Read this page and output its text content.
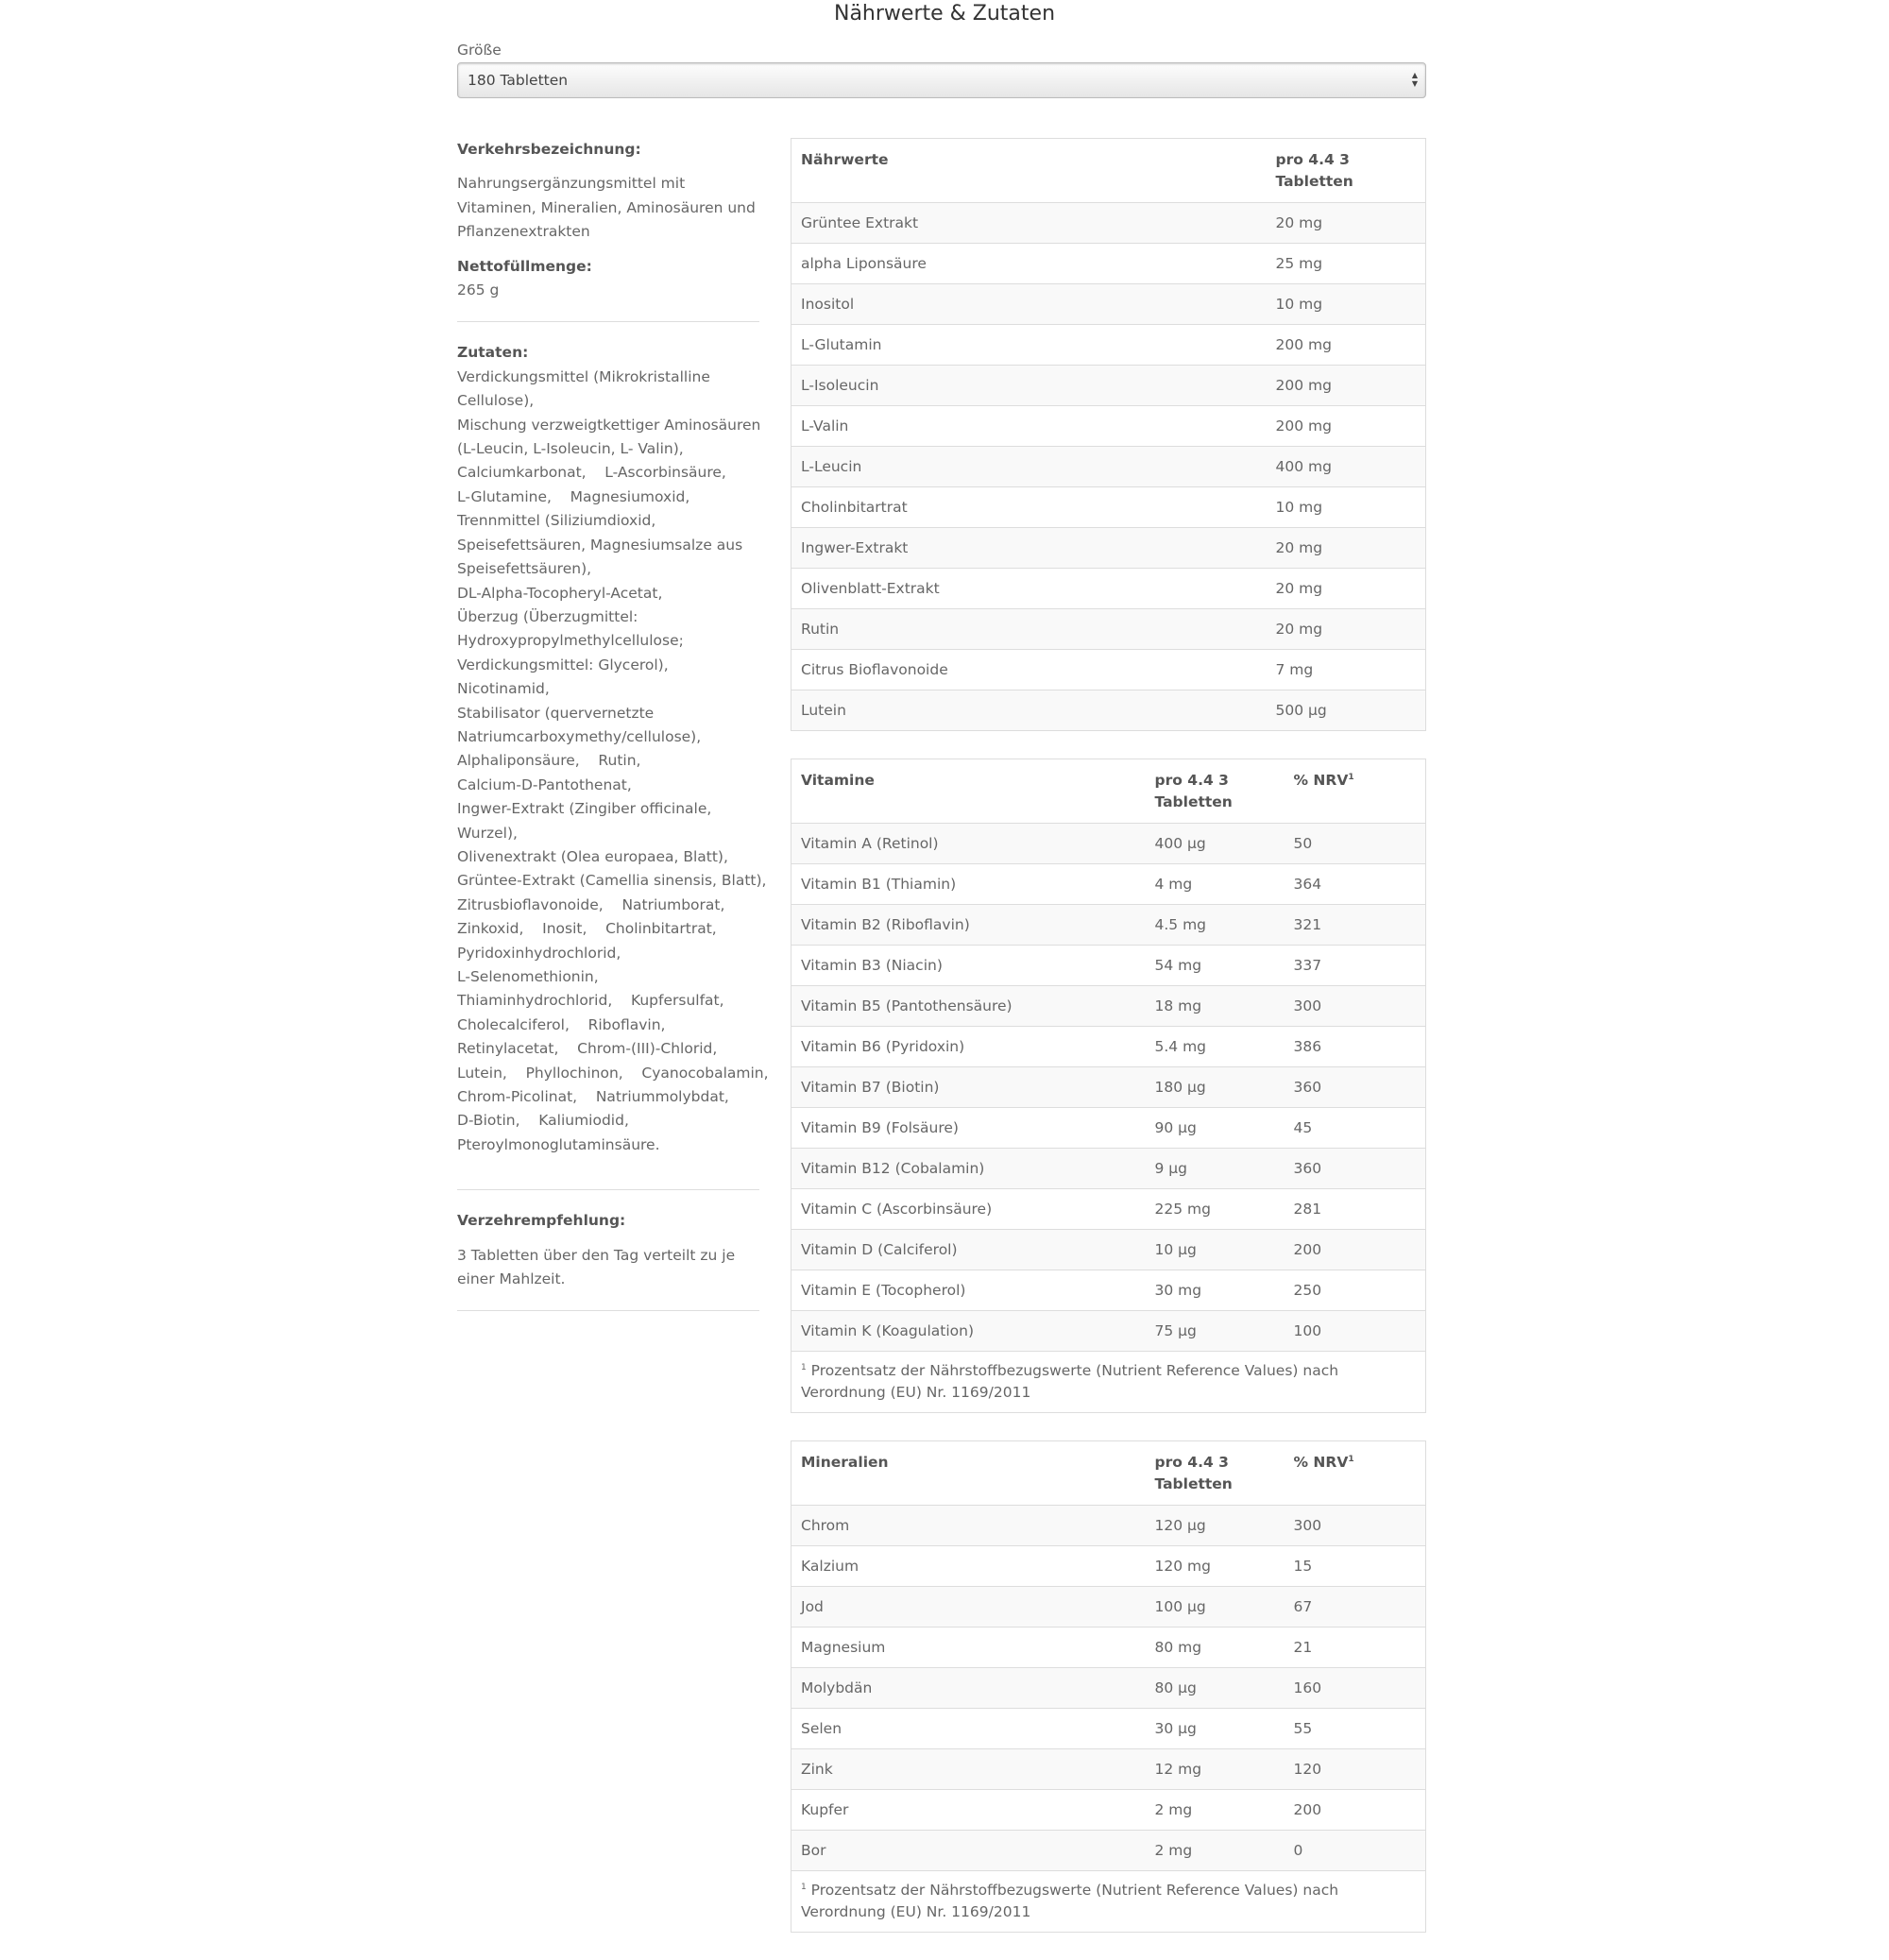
Nährwerte & Zutaten
Größe
180 Tabletten	▲
▼
Verkehrsbezeichnung:
Nahrungsergänzungsmittel mit Vitaminen, Mineralien, Aminosäuren und Pflanzenextrakten
Nettofüllmenge:
265 g
Zutaten:
Verdickungsmittel (Mikrokristalline
Cellulose),
Mischung verzweigtkettiger Aminosäuren
(L-Leucin, L-Isoleucin, L- Valin),
Calciumkarbonat,    L-Ascorbinsäure,
L-Glutamine,    Magnesiumoxid,
Trennmittel (Siliziumdioxid,
Speisefettsäuren, Magnesiumsalze aus
Speisefettsäuren),
DL-Alpha-Tocopheryl-Acetat,
Überzug (Überzugmittel:
Hydroxypropylmethylcellulose;
Verdickungsmittel: Glycerol),
Nicotinamid,
Stabilisator (quervernetzte
Natriumcarboxymethy/cellulose),
Alphaliponsäure,    Rutin,
Calcium-D-Pantothenat,
Ingwer-Extrakt (Zingiber officinale,
Wurzel),
Olivenextrakt (Olea europaea, Blatt),
Grüntee-Extrakt (Camellia sinensis, Blatt),
Zitrusbioflavonoide,    Natriumborat,
Zinkoxid,    Inosit,    Cholinbitartrat,
Pyridoxinhydrochlorid,
L-Selenomethionin,
Thiaminhydrochlorid,    Kupfersulfat,
Cholecalciferol,    Riboflavin,
Retinylacetat,    Chrom-(III)-Chlorid,
Lutein,    Phyllochinon,    Cyanocobalamin,
Chrom-Picolinat,    Natriummolybdat,
D-Biotin,    Kaliumiodid,
Pteroylmonoglutaminsäure.
Verzehrempfehlung:
3 Tabletten über den Tag verteilt zu je einer Mahlzeit.
Nährwerte	pro 4.4 3 Tabletten
Grüntee Extrakt	20 mg
alpha Liponsäure	25 mg
Inositol	10 mg
L-Glutamin	200 mg
L-Isoleucin	200 mg
L-Valin	200 mg
L-Leucin	400 mg
Cholinbitartrat	10 mg
Ingwer-Extrakt	20 mg
Olivenblatt-Extrakt	20 mg
Rutin	20 mg
Citrus Bioflavonoide	7 mg
Lutein	500 µg
Vitamine	pro 4.4 3 Tabletten	% NRV$^1$
Vitamin A (Retinol)	400 µg	50
Vitamin B1 (Thiamin)	4 mg	364
Vitamin B2 (Riboflavin)	4.5 mg	321
Vitamin B3 (Niacin)	54 mg	337
Vitamin B5 (Pantothensäure)	18 mg	300
Vitamin B6 (Pyridoxin)	5.4 mg	386
Vitamin B7 (Biotin)	180 µg	360
Vitamin B9 (Folsäure)	90 µg	45
Vitamin B12 (Cobalamin)	9 µg	360
Vitamin C (Ascorbinsäure)	225 mg	281
Vitamin D (Calciferol)	10 µg	200
Vitamin E (Tocopherol)	30 mg	250
Vitamin K (Koagulation)	75 µg	100
$^1$ Prozentsatz der Nährstoffbezugswerte (Nutrient Reference Values) nach Verordnung (EU) Nr. 1169/2011		
Mineralien	pro 4.4 3 Tabletten	% NRV$^1$
Chrom	120 µg	300
Kalzium	120 mg	15
Jod	100 µg	67
Magnesium	80 mg	21
Molybdän	80 µg	160
Selen	30 µg	55
Zink	12 mg	120
Kupfer	2 mg	200
Bor	2 mg	0
$^1$ Prozentsatz der Nährstoffbezugswerte (Nutrient Reference Values) nach Verordnung (EU) Nr. 1169/2011		
